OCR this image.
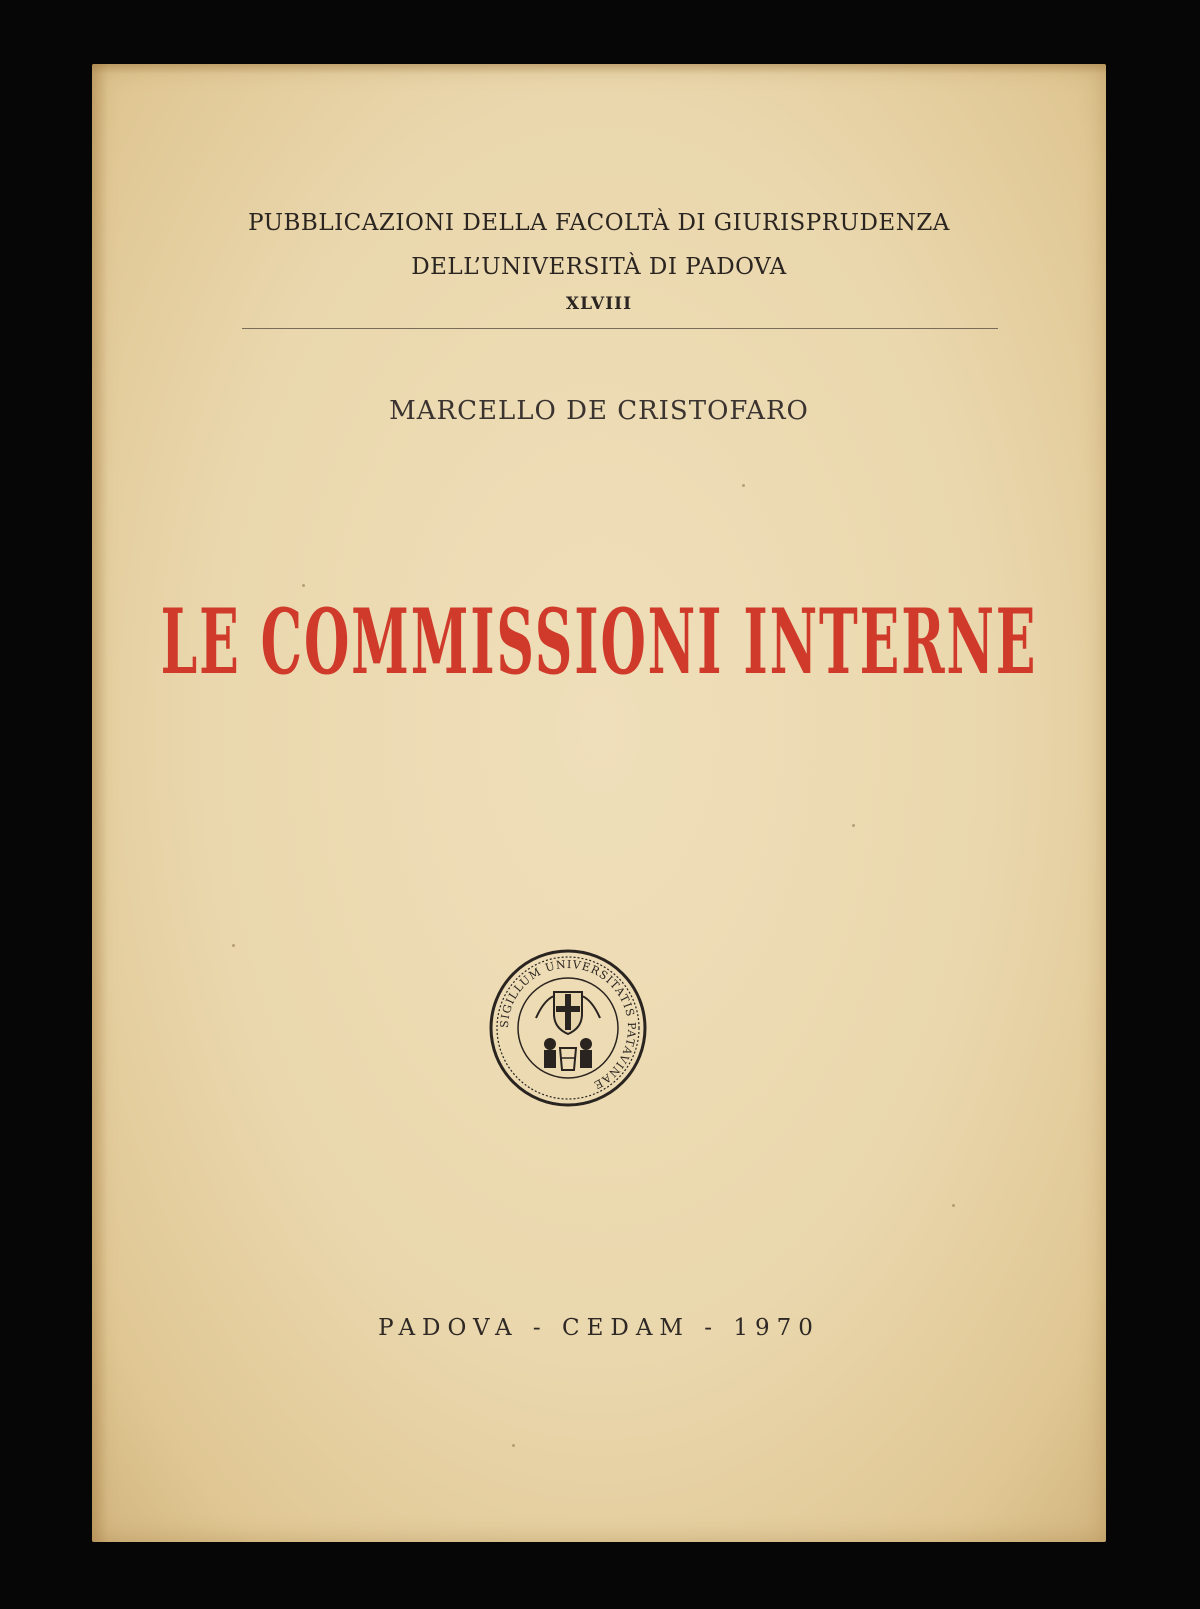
PUBBLICAZIONI DELLA FACOLTÀ DI GIURISPRUDENZA
DELL’UNIVERSITÀ DI PADOVA
XLVIII
MARCELLO DE CRISTOFARO
LE COMMISSIONI INTERNE
SIGILLUM UNIVERSITATIS PATAVINAE
PADOVA - CEDAM - 1970
